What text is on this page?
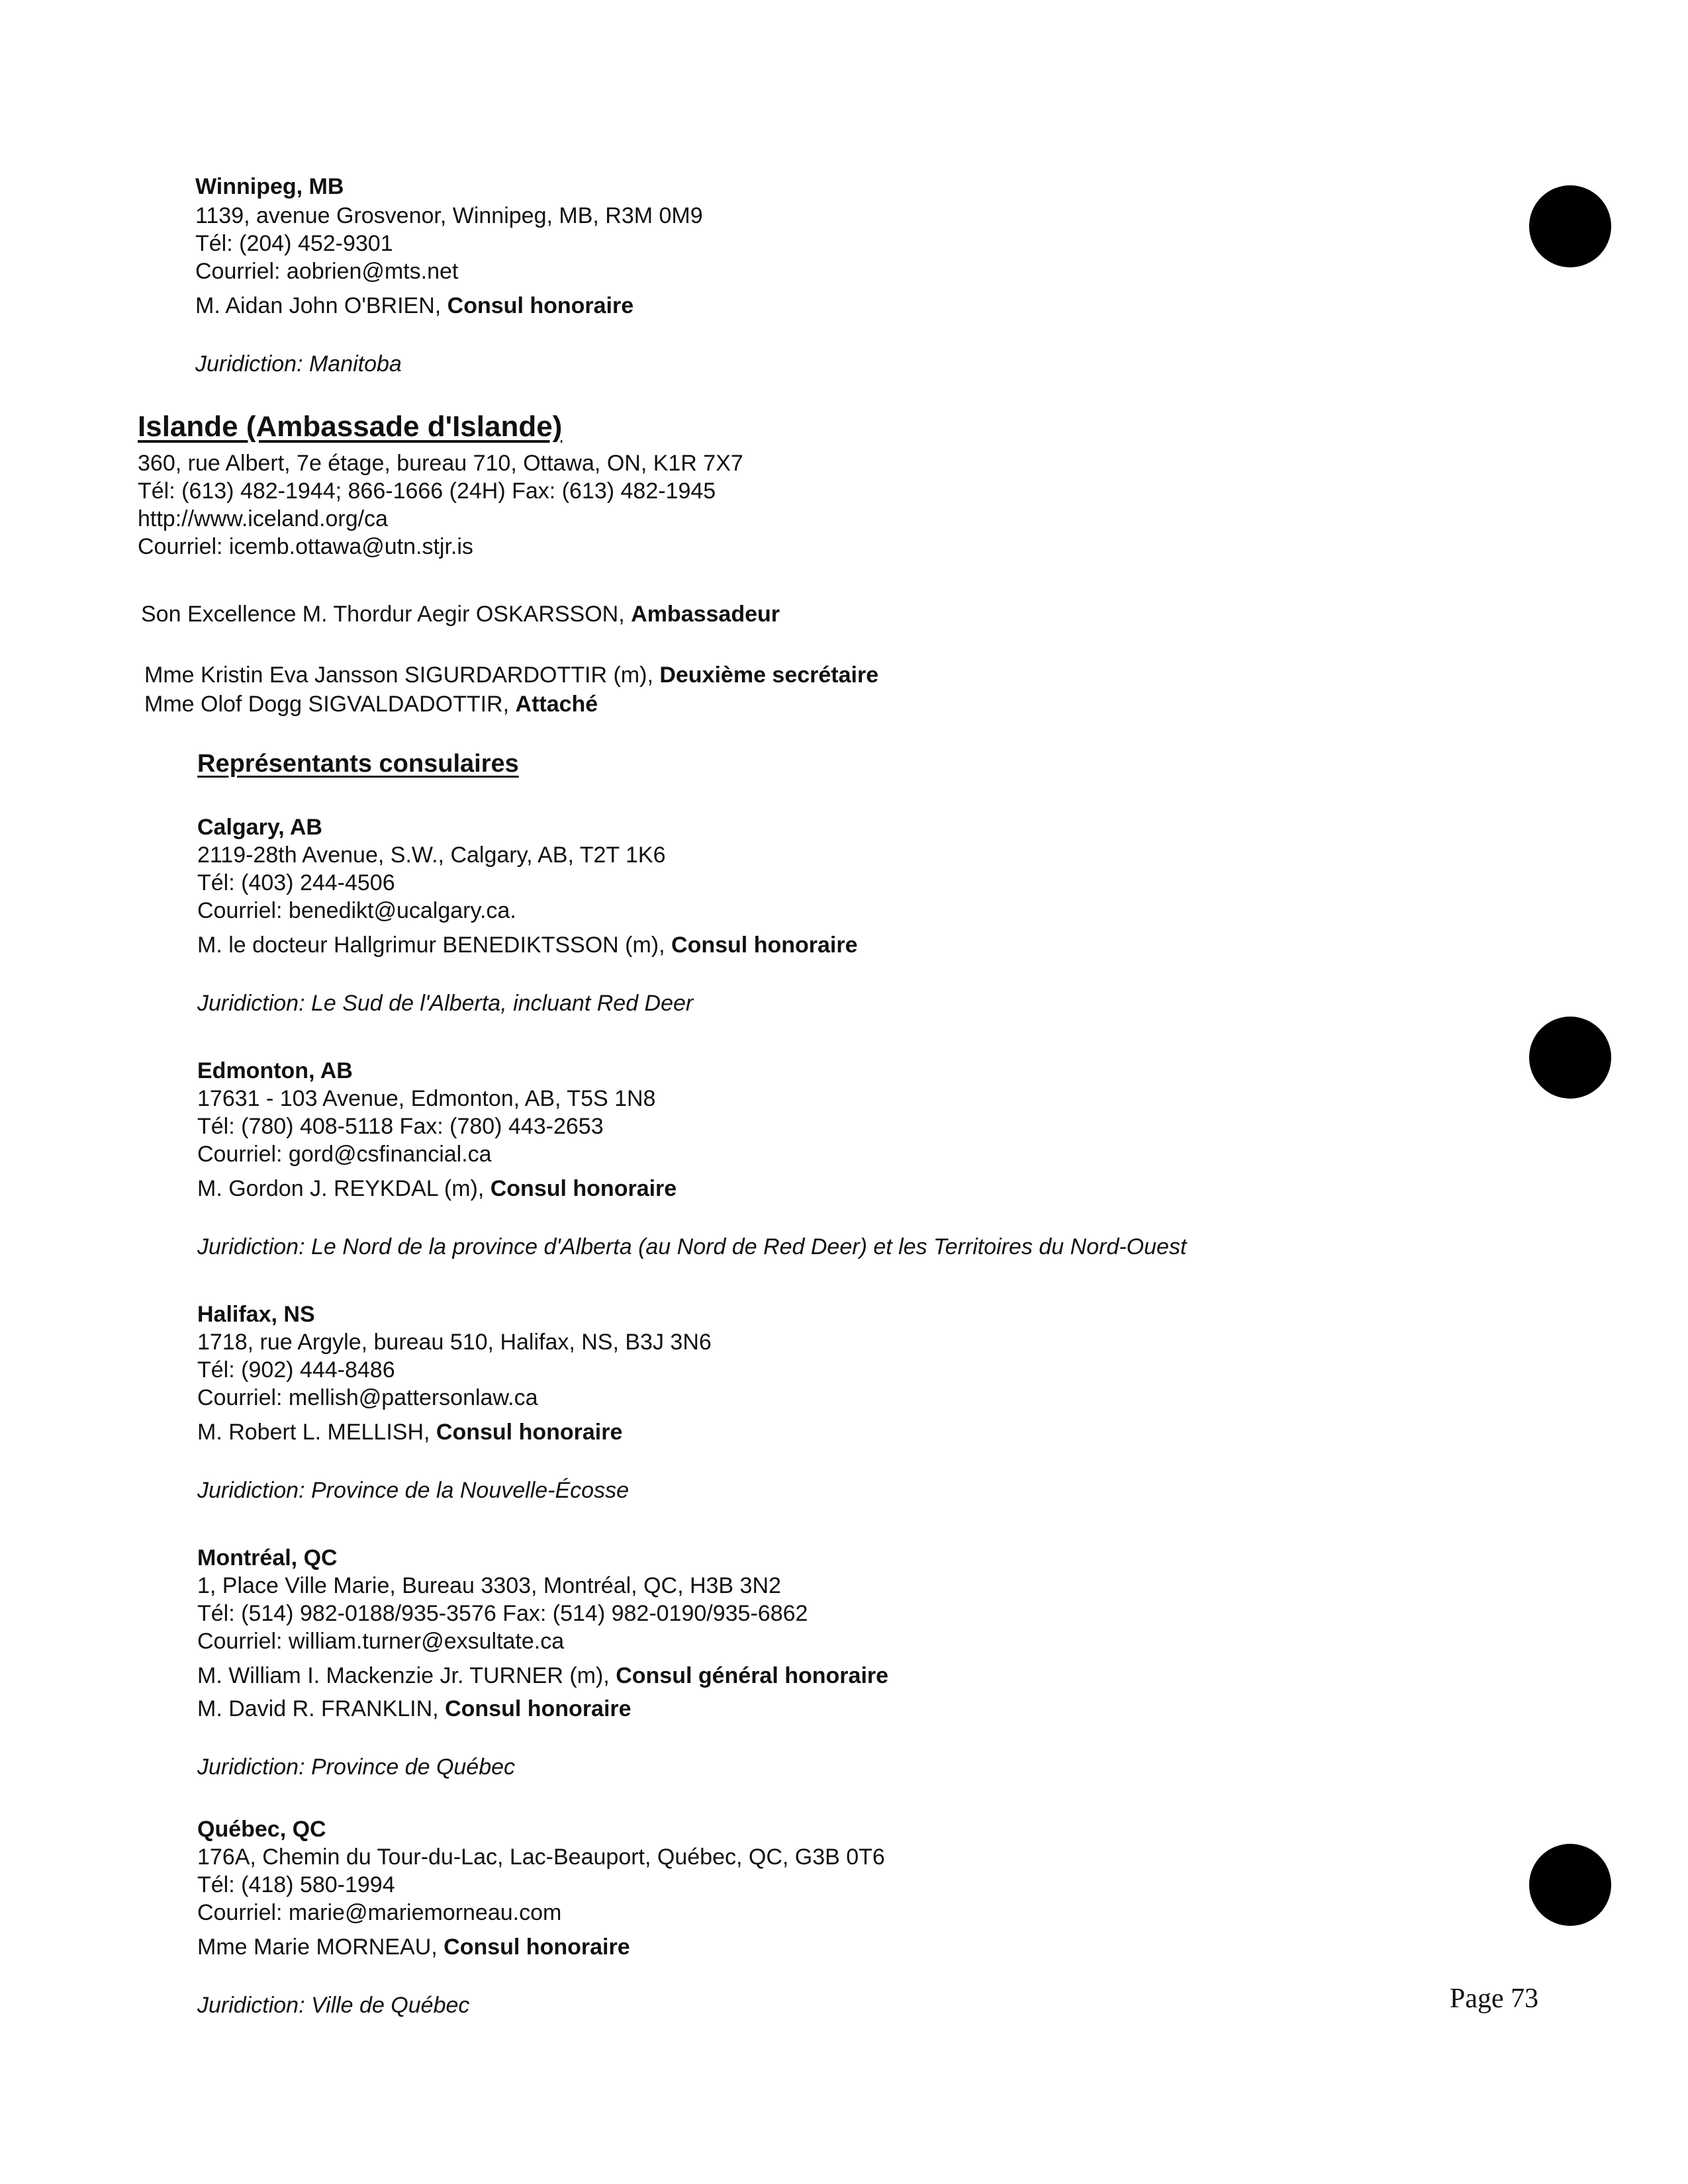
Winnipeg, MB
1139, avenue Grosvenor, Winnipeg, MB, R3M 0M9
Tél: (204) 452-9301
Courriel: aobrien@mts.net
M. Aidan John O'BRIEN, Consul honoraire
Juridiction: Manitoba
Islande (Ambassade d'Islande)
360, rue Albert, 7e étage, bureau 710, Ottawa, ON, K1R 7X7
Tél: (613) 482-1944; 866-1666 (24H) Fax: (613) 482-1945
http://www.iceland.org/ca
Courriel: icemb.ottawa@utn.stjr.is
Son Excellence M. Thordur Aegir OSKARSSON, Ambassadeur
Mme Kristin Eva Jansson SIGURDARDOTTIR (m), Deuxième secrétaire
Mme Olof Dogg SIGVALDADOTTIR, Attaché
Représentants consulaires
Calgary, AB
2119-28th Avenue, S.W., Calgary, AB, T2T 1K6
Tél: (403) 244-4506
Courriel: benedikt@ucalgary.ca.
M. le docteur Hallgrimur BENEDIKTSSON (m), Consul honoraire
Juridiction: Le Sud de l'Alberta, incluant Red Deer
Edmonton, AB
17631 - 103 Avenue, Edmonton, AB, T5S 1N8
Tél: (780) 408-5118 Fax: (780) 443-2653
Courriel: gord@csfinancial.ca
M. Gordon J. REYKDAL (m), Consul honoraire
Juridiction: Le Nord de la province d'Alberta (au Nord de Red Deer) et les Territoires du Nord-Ouest
Halifax, NS
1718, rue Argyle, bureau 510, Halifax, NS, B3J 3N6
Tél: (902) 444-8486
Courriel: mellish@pattersonlaw.ca
M. Robert L. MELLISH, Consul honoraire
Juridiction: Province de la Nouvelle-Écosse
Montréal, QC
1, Place Ville Marie, Bureau 3303, Montréal, QC, H3B 3N2
Tél: (514) 982-0188/935-3576 Fax: (514) 982-0190/935-6862
Courriel: william.turner@exsultate.ca
M. William I. Mackenzie Jr. TURNER (m), Consul général honoraire
M. David R. FRANKLIN, Consul honoraire
Juridiction: Province de Québec
Québec, QC
176A, Chemin du Tour-du-Lac, Lac-Beauport, Québec, QC, G3B 0T6
Tél: (418) 580-1994
Courriel: marie@mariemorneau.com
Mme Marie MORNEAU, Consul honoraire
Juridiction: Ville de Québec	Page 73
